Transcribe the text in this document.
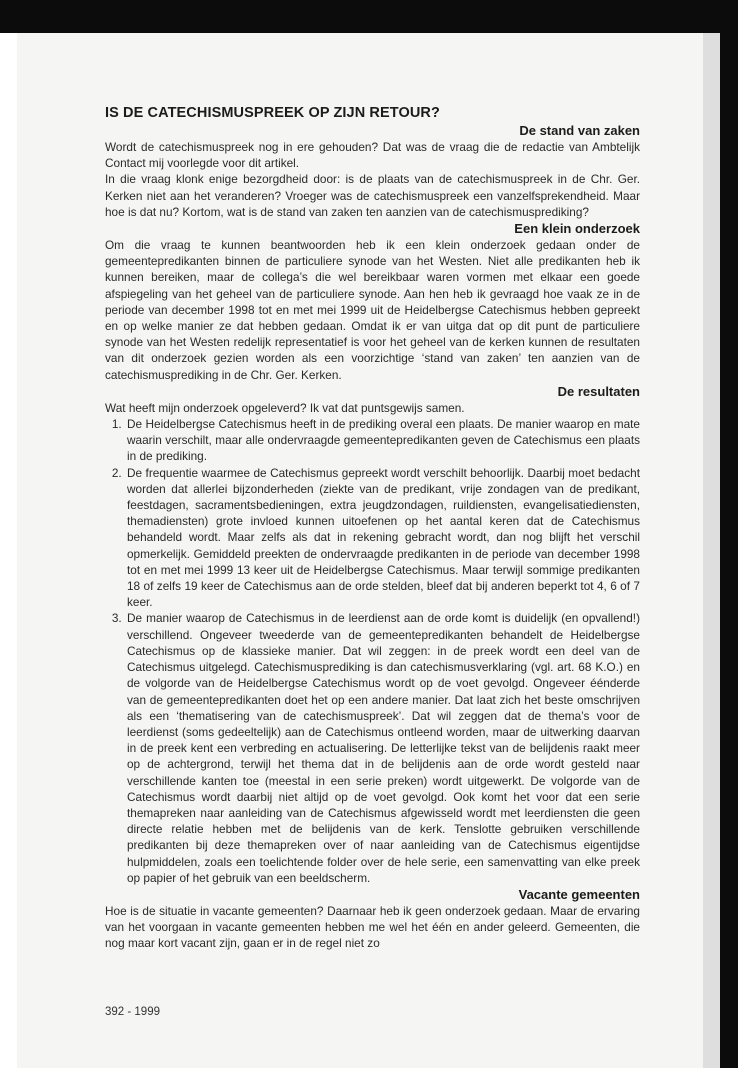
IS DE CATECHISMUSPREEK OP ZIJN RETOUR?
De stand van zaken

Wordt de catechismuspreek nog in ere gehouden? Dat was de vraag die de redactie van Ambtelijk Contact mij voorlegde voor dit artikel.

In die vraag klonk enige bezorgdheid door: is de plaats van de catechismuspreek in de Chr. Ger. Kerken niet aan het veranderen? Vroeger was de catechismuspreek een vanzelfsprekendheid. Maar hoe is dat nu? Kortom, wat is de stand van zaken ten aanzien van de catechismusprediking?

Een klein onderzoek

Om die vraag te kunnen beantwoorden heb ik een klein onderzoek gedaan onder de gemeentepredikanten binnen de particuliere synode van het Westen. Niet alle predikanten heb ik kunnen bereiken, maar de collega’s die wel bereikbaar waren vormen met elkaar een goede afspiegeling van het geheel van de particuliere synode. Aan hen heb ik gevraagd hoe vaak ze in de periode van december 1998 tot en met mei 1999 uit de Heidelbergse Catechismus hebben gepreekt en op welke manier ze dat hebben gedaan. Omdat ik er van uitga dat op dit punt de particuliere synode van het Westen redelijk representatief is voor het geheel van de kerken kunnen de resultaten van dit onderzoek gezien worden als een voorzichtige ‘stand van zaken’ ten aanzien van de catechismusprediking in de Chr. Ger. Kerken.

De resultaten

Wat heeft mijn onderzoek opgeleverd? Ik vat dat puntsgewijs samen.

1. De Heidelbergse Catechismus heeft in de prediking overal een plaats. De manier waarop en mate waarin verschilt, maar alle ondervraagde gemeentepredikanten geven de Catechismus een plaats in de prediking.
2. De frequentie waarmee de Catechismus gepreekt wordt verschilt behoorlijk. Daarbij moet bedacht worden dat allerlei bijzonderheden (ziekte van de predikant, vrije zondagen van de predikant, feestdagen, sacramentsbedieningen, extra jeugdzondagen, ruildiensten, evangelisatiediensten, themadiensten) grote invloed kunnen uitoefenen op het aantal keren dat de Catechismus behandeld wordt. Maar zelfs als dat in rekening gebracht wordt, dan nog blijft het verschil opmerkelijk. Gemiddeld preekten de ondervraagde predikanten in de periode van december 1998 tot en met mei 1999 13 keer uit de Heidelbergse Catechismus. Maar terwijl sommige predikanten 18 of zelfs 19 keer de Catechismus aan de orde stelden, bleef dat bij anderen beperkt tot 4, 6 of 7 keer.
3. De manier waarop de Catechismus in de leerdienst aan de orde komt is duidelijk (en opvallend!) verschillend. Ongeveer tweederde van de gemeentepredikanten behandelt de Heidelbergse Catechismus op de klassieke manier. Dat wil zeggen: in de preek wordt een deel van de Catechismus uitgelegd. Catechismusprediking is dan catechismusverklaring (vgl. art. 68 K.O.) en de volgorde van de Heidelbergse Catechismus wordt op de voet gevolgd. Ongeveer éénderde van de gemeentepredikanten doet het op een andere manier. Dat laat zich het beste omschrijven als een ‘thematisering van de catechismuspreek’. Dat wil zeggen dat de thema’s voor de leerdienst (soms gedeeltelijk) aan de Catechismus ontleend worden, maar de uitwerking daarvan in de preek kent een verbreding en actualisering. De letterlijke tekst van de belijdenis raakt meer op de achtergrond, terwijl het thema dat in de belijdenis aan de orde wordt gesteld naar verschillende kanten toe (meestal in een serie preken) wordt uitgewerkt. De volgorde van de Catechismus wordt daarbij niet altijd op de voet gevolgd. Ook komt het voor dat een serie themapreken naar aanleiding van de Catechismus afgewisseld wordt met leerdiensten die geen directe relatie hebben met de belijdenis van de kerk. Tenslotte gebruiken verschillende predikanten bij deze themapreken over of naar aanleiding van de Catechismus eigentijdse hulpmiddelen, zoals een toelichtende folder over de hele serie, een samenvatting van elke preek op papier of het gebruik van een beeldscherm.
Vacante gemeenten

Hoe is de situatie in vacante gemeenten? Daarnaar heb ik geen onderzoek gedaan. Maar de ervaring van het voorgaan in vacante gemeenten hebben me wel het één en ander geleerd. Gemeenten, die nog maar kort vacant zijn, gaan er in de regel niet zo

392 - 1999
